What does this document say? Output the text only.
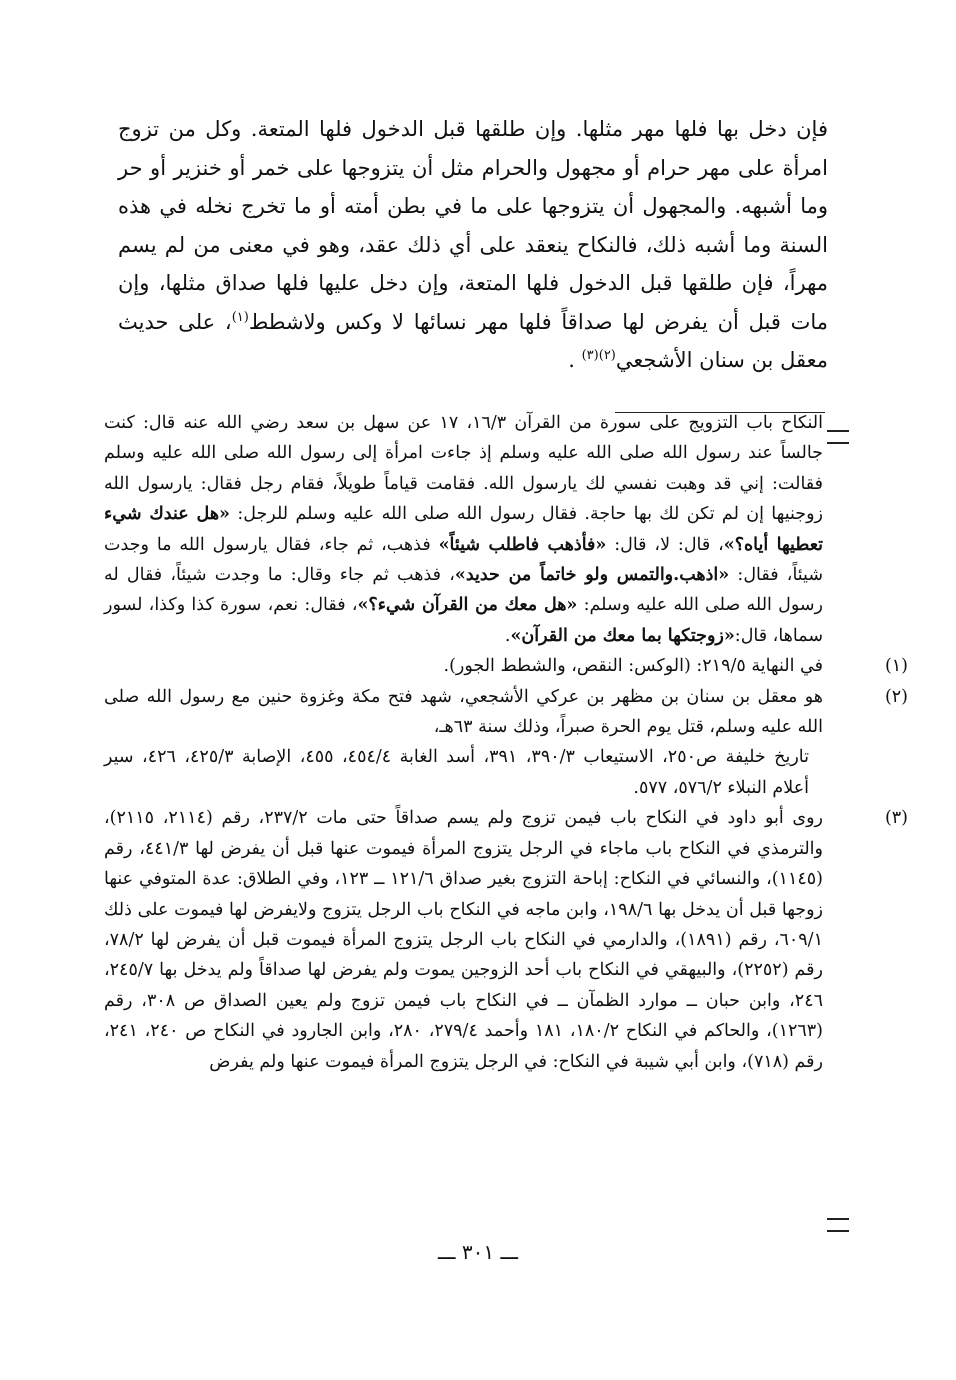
فإن دخل بها فلها مهر مثلها. وإن طلقها قبل الدخول فلها المتعة. وكل من تزوج امرأة على مهر حرام أو مجهول والحرام مثل أن يتزوجها على خمر أو خنزير أو حر وما أشبهه. والمجهول أن يتزوجها على ما في بطن أمته أو ما تخرج نخله في هذه السنة وما أشبه ذلك، فالنكاح ينعقد على أي ذلك عقد، وهو في معنى من لم يسم مهراً، فإن طلقها قبل الدخول فلها المتعة، وإن دخل عليها فلها صداق مثلها، وإن مات قبل أن يفرض لها صداقاً فلها مهر نسائها لا وكس ولاشطط$^{(١)}$، على حديث معقل بن سنان الأشجعي$^{(٢)(٣)}$ .

النكاح باب التزويج على سورة من القرآن ١٦/٣، ١٧ عن سهل بن سعد رضي الله عنه قال: كنت جالساً عند رسول الله صلى الله عليه وسلم إذ جاءت امرأة إلى رسول الله صلى الله عليه وسلم فقالت: إني قد وهبت نفسي لك يارسول الله. فقامت قياماً طويلاً، فقام رجل فقال: يارسول الله زوجنيها إن لم تكن لك بها حاجة. فقال رسول الله صلى الله عليه وسلم للرجل: «هل عندك شيء تعطيها أياه؟»، قال: لا، قال: «فأذهب فاطلب شيئاً» فذهب، ثم جاء، فقال يارسول الله ما وجدت شيئاً، فقال: «اذهب.والتمس ولو خاتماً من حديد»، فذهب ثم جاء وقال: ما وجدت شيئاً، فقال له رسول الله صلى الله عليه وسلم: «هل معك من القرآن شيء؟»، فقال: نعم، سورة كذا وكذا، لسور سماها، قال:«زوجتكها بما معك من القرآن».

(١)

في النهاية ٢١٩/٥: (الوكس: النقص، والشطط الجور).

(٢)

هو معقل بن سنان بن مظهر بن عركي الأشجعي، شهد فتح مكة وغزوة حنين مع رسول الله صلى الله عليه وسلم، قتل يوم الحرة صبراً، وذلك سنة ٦٣هـ،

تاريخ خليفة ص٢٥٠، الاستيعاب ٣٩٠/٣، ٣٩١، أسد الغابة ٤٥٤/٤، ٤٥٥، الإصابة ٤٢٥/٣، ٤٢٦، سير أعلام النبلاء ٥٧٦/٢، ٥٧٧.

(٣)

روى أبو داود في النكاح باب فيمن تزوج ولم يسم صداقاً حتى مات ٢٣٧/٢، رقم (٢١١٤، ٢١١٥)، والترمذي في النكاح باب ماجاء في الرجل يتزوج المرأة فيموت عنها قبل أن يفرض لها ٤٤١/٣، رقم (١١٤٥)، والنسائي في النكاح: إباحة التزوج بغير صداق ١٢١/٦ ــ ١٢٣، وفي الطلاق: عدة المتوفي عنها زوجها قبل أن يدخل بها ١٩٨/٦، وابن ماجه في النكاح باب الرجل يتزوج ولايفرض لها فيموت على ذلك ٦٠٩/١، رقم (١٨٩١)، والدارمي في النكاح باب الرجل يتزوج المرأة فيموت قبل أن يفرض لها ٧٨/٢، رقم (٢٢٥٢)، والبيهقي في النكاح باب أحد الزوجين يموت ولم يفرض لها صداقاً ولم يدخل بها ٢٤٥/٧، ٢٤٦، وابن حبان ــ موارد الظمآن ــ في النكاح باب فيمن تزوج ولم يعين الصداق ص ٣٠٨، رقم (١٢٦٣)، والحاكم في النكاح ١٨٠/٢، ١٨١ وأحمد ٢٧٩/٤، ٢٨٠، وابن الجارود في النكاح ص ٢٤٠، ٢٤١، رقم (٧١٨)، وابن أبي شيبة في النكاح: في الرجل يتزوج المرأة فيموت عنها ولم يفرض

ـــ ٣٠١ ـــ
